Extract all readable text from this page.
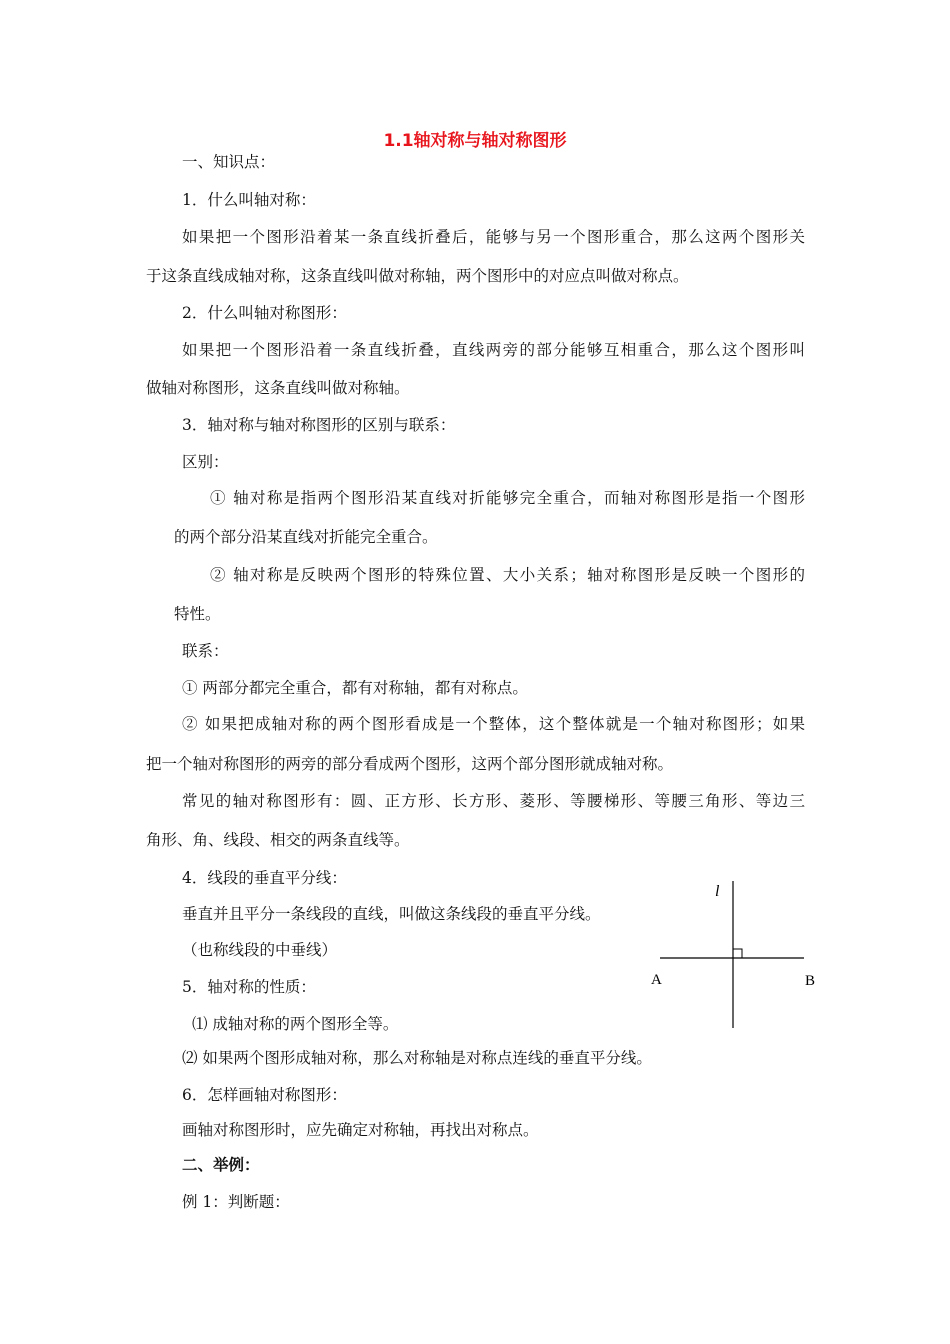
1.1轴对称与轴对称图形
一、知识点：
1．什么叫轴对称：
如果把一个图形沿着某一条直线折叠后，能够与另一个图形重合，那么这两个图形关
于这条直线成轴对称，这条直线叫做对称轴，两个图形中的对应点叫做对称点。
2．什么叫轴对称图形：
如果把一个图形沿着一条直线折叠，直线两旁的部分能够互相重合，那么这个图形叫
做轴对称图形，这条直线叫做对称轴。
3．轴对称与轴对称图形的区别与联系：
区别：
① 轴对称是指两个图形沿某直线对折能够完全重合，而轴对称图形是指一个图形
的两个部分沿某直线对折能完全重合。
② 轴对称是反映两个图形的特殊位置、大小关系；轴对称图形是反映一个图形的
特性。
联系：
① 两部分都完全重合，都有对称轴，都有对称点。
② 如果把成轴对称的两个图形看成是一个整体，这个整体就是一个轴对称图形；如果
把一个轴对称图形的两旁的部分看成两个图形，这两个部分图形就成轴对称。
常见的轴对称图形有：圆、正方形、长方形、菱形、等腰梯形、等腰三角形、等边三
角形、角、线段、相交的两条直线等。
4．线段的垂直平分线：
垂直并且平分一条线段的直线，叫做这条线段的垂直平分线。
（也称线段的中垂线）
5．轴对称的性质：
⑴ 成轴对称的两个图形全等。
⑵ 如果两个图形成轴对称，那么对称轴是对称点连线的垂直平分线。
6．怎样画轴对称图形：
画轴对称图形时，应先确定对称轴，再找出对称点。
二、举例：
例 1：判断题：
l
A	B
